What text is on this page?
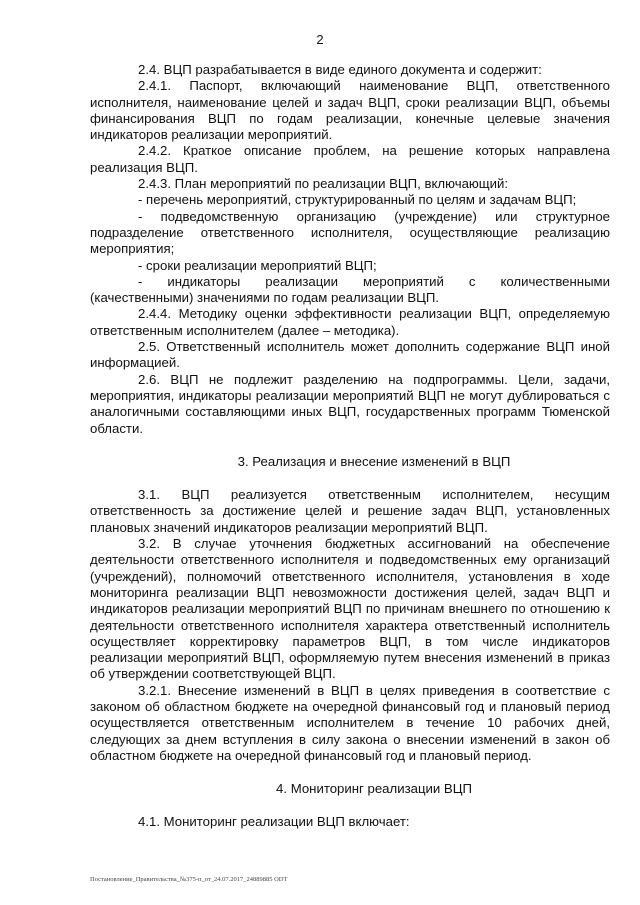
2

2.4. ВЦП разрабатывается в виде единого документа и содержит:

2.4.1. Паспорт, включающий наименование ВЦП, ответственного исполнителя, наименование целей и задач ВЦП, сроки реализации ВЦП, объемы финансирования ВЦП по годам реализации, конечные целевые значения индикаторов реализации мероприятий.

2.4.2. Краткое описание проблем, на решение которых направлена реализация ВЦП.

2.4.3. План мероприятий по реализации ВЦП, включающий:

- перечень мероприятий, структурированный по целям и задачам ВЦП;

- подведомственную организацию (учреждение) или структурное подразделение ответственного исполнителя, осуществляющие реализацию мероприятия;

- сроки реализации мероприятий ВЦП;

- индикаторы реализации мероприятий с количественными (качественными) значениями по годам реализации ВЦП.

2.4.4. Методику оценки эффективности реализации ВЦП, определяемую ответственным исполнителем (далее – методика).

2.5. Ответственный исполнитель может дополнить содержание ВЦП иной информацией.

2.6. ВЦП не подлежит разделению на подпрограммы. Цели, задачи, мероприятия, индикаторы реализации мероприятий ВЦП не могут дублироваться с аналогичными составляющими иных ВЦП, государственных программ Тюменской области.

3. Реализация и внесение изменений в ВЦП

3.1. ВЦП реализуется ответственным исполнителем, несущим ответственность за достижение целей и решение задач ВЦП, установленных плановых значений индикаторов реализации мероприятий ВЦП.

3.2. В случае уточнения бюджетных ассигнований на обеспечение деятельности ответственного исполнителя и подведомственных ему организаций (учреждений), полномочий ответственного исполнителя, установления в ходе мониторинга реализации ВЦП невозможности достижения целей, задач ВЦП и индикаторов реализации мероприятий ВЦП по причинам внешнего по отношению к деятельности ответственного исполнителя характера ответственный исполнитель осуществляет корректировку параметров ВЦП, в том числе индикаторов реализации мероприятий ВЦП, оформляемую путем внесения изменений в приказ об утверждении соответствующей ВЦП.

3.2.1. Внесение изменений в ВЦП в целях приведения в соответствие с законом об областном бюджете на очередной финансовый год и плановый период осуществляется ответственным исполнителем в течение 10 рабочих дней, следующих за днем вступления в силу закона о внесении изменений в закон об областном бюджете на очередной финансовый год и плановый период.

4. Мониторинг реализации ВЦП

4.1. Мониторинг реализации ВЦП включает:

Постановление_Правительства_№375-п_от_24.07.2017_24889885 ODT
